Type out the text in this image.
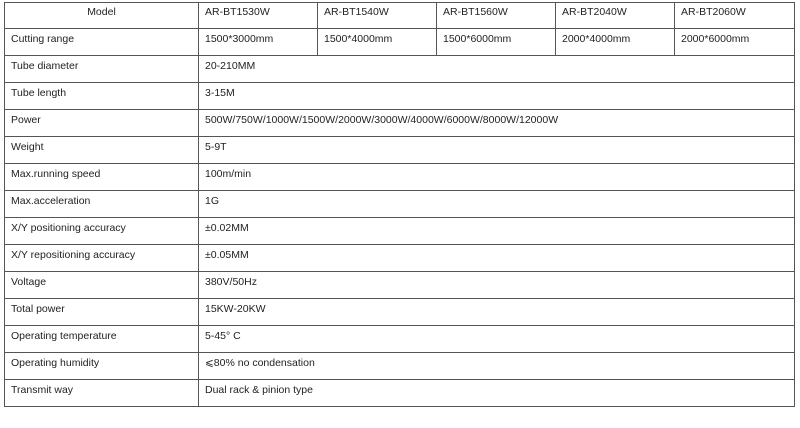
Model	AR-BT1530W	AR-BT1540W	AR-BT1560W	AR-BT2040W	AR-BT2060W
Cutting range	1500*3000mm	1500*4000mm	1500*6000mm	2000*4000mm	2000*6000mm
Tube diameter	20-210MM				
Tube length	3-15M				
Power	500W/750W/1000W/1500W/2000W/3000W/4000W/6000W/8000W/12000W				
Weight	5-9T				
Max.running speed	100m/min				
Max.acceleration	1G				
X/Y positioning accuracy	±0.02MM				
X/Y repositioning accuracy	±0.05MM				
Voltage	380V/50Hz				
Total power	15KW-20KW				
Operating temperature	5-45° C				
Operating humidity	⩽80% no condensation				
Transmit way	Dual rack & pinion type				
